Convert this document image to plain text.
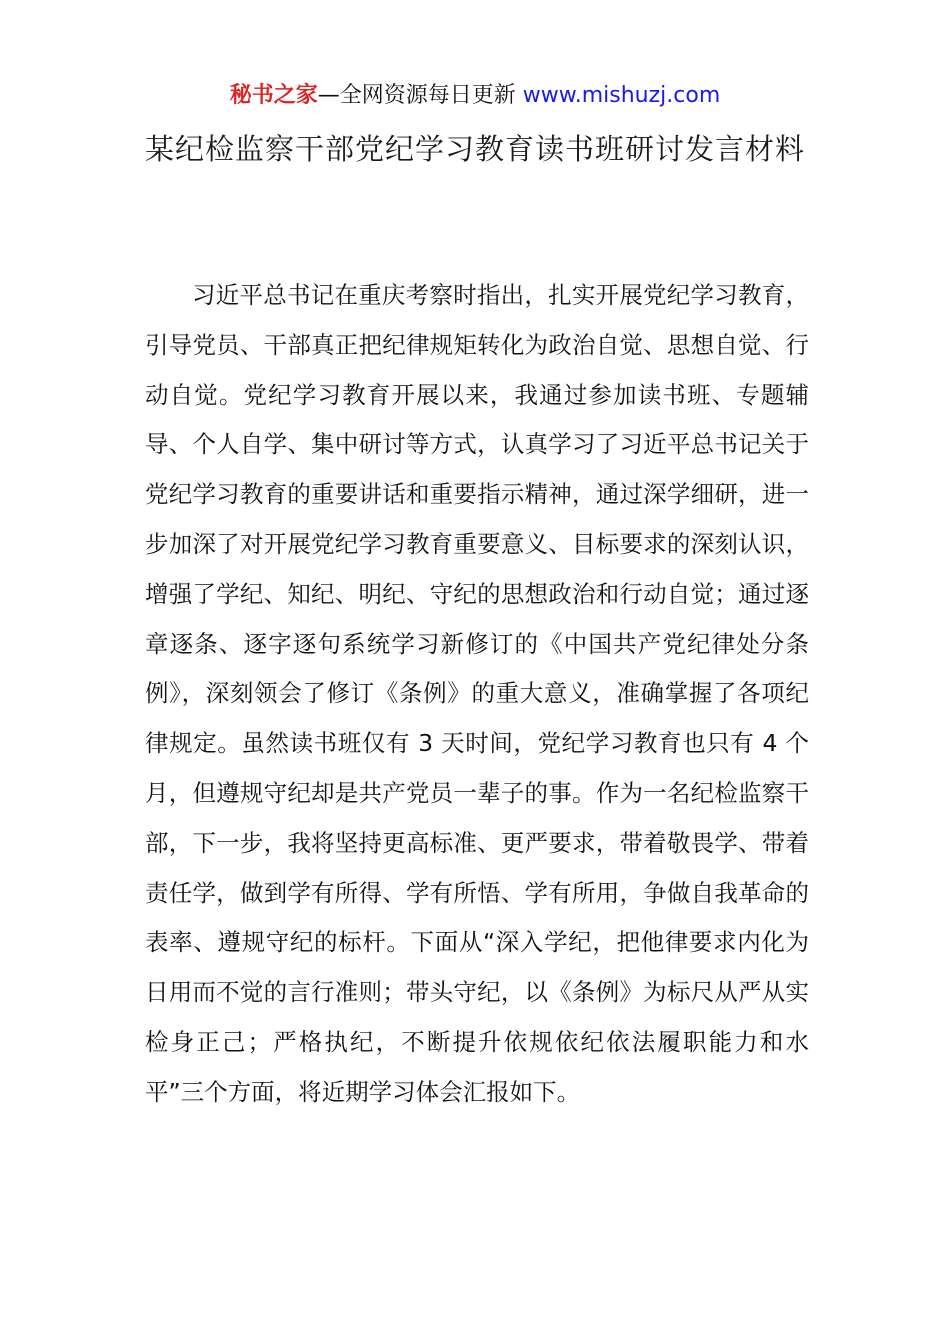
秘书之家—全网资源每日更新 www.mishuzj.com
某纪检监察干部党纪学习教育读书班研讨发言材料

习近平总书记在重庆考察时指出，扎实开展党纪学习教育，引导党员、干部真正把纪律规矩转化为政治自觉、思想自觉、行动自觉。党纪学习教育开展以来，我通过参加读书班、专题辅导、个人自学、集中研讨等方式，认真学习了习近平总书记关于党纪学习教育的重要讲话和重要指示精神，通过深学细研，进一步加深了对开展党纪学习教育重要意义、目标要求的深刻认识，增强了学纪、知纪、明纪、守纪的思想政治和行动自觉；通过逐章逐条、逐字逐句系统学习新修订的《中国共产党纪律处分条例》，深刻领会了修订《条例》的重大意义，准确掌握了各项纪律规定。虽然读书班仅有 3 天时间，党纪学习教育也只有 4 个月，但遵规守纪却是共产党员一辈子的事。作为一名纪检监察干部，下一步，我将坚持更高标准、更严要求，带着敬畏学、带着责任学，做到学有所得、学有所悟、学有所用，争做自我革命的表率、遵规守纪的标杆。下面从“深入学纪，把他律要求内化为日用而不觉的言行准则；带头守纪，以《条例》为标尺从严从实检身正己；严格执纪，不断提升依规依纪依法履职能力和水平”三个方面，将近期学习体会汇报如下。
